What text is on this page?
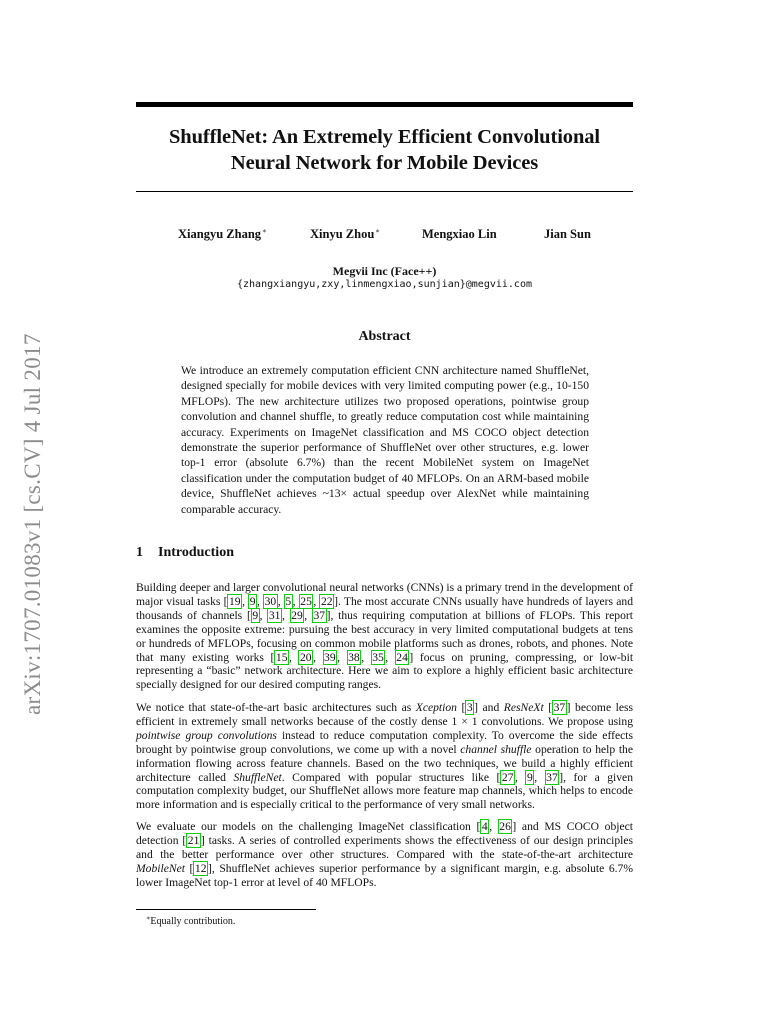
arXiv:1707.01083v1 [cs.CV] 4 Jul 2017
ShuffleNet: An Extremely Efficient Convolutional
Neural Network for Mobile Devices
Xiangyu Zhang∗	Xinyu Zhou∗	Mengxiao Lin	Jian Sun
Megvii Inc (Face++)
{zhangxiangyu,zxy,linmengxiao,sunjian}@megvii.com
Abstract
We introduce an extremely computation efficient CNN architecture named ShuffleNet, designed specially for mobile devices with very limited computing power (e.g., 10-150 MFLOPs). The new architecture utilizes two proposed operations, pointwise group convolution and channel shuffle, to greatly reduce computation cost while maintaining accuracy. Experiments on ImageNet classification and MS COCO object detection demonstrate the superior performance of ShuffleNet over other structures, e.g. lower top-1 error (absolute 6.7%) than the recent MobileNet system on ImageNet classification under the computation budget of 40 MFLOPs. On an ARM-based mobile device, ShuffleNet achieves ~13× actual speedup over AlexNet while maintaining comparable accuracy.
1 Introduction
Building deeper and larger convolutional neural networks (CNNs) is a primary trend in the development of major visual tasks [ 19 , 9 , 30 , 5 , 25 , 22 ]. The most accurate CNNs usually have hundreds of layers and thousands of channels [ 9 , 31 , 29 , 37 ], thus requiring computation at billions of FLOPs. This report examines the opposite extreme: pursuing the best accuracy in very limited computational budgets at tens or hundreds of MFLOPs, focusing on common mobile platforms such as drones, robots, and phones. Note that many existing works [ 15 , 20 , 39 , 38 , 35 , 24 ] focus on pruning, compressing, or low-bit representing a “basic” network architecture. Here we aim to explore a highly efficient basic architecture specially designed for our desired computing ranges.
We notice that state-of-the-art basic architectures such as Xception [ 3 ] and ResNeXt [ 37 ] become less efficient in extremely small networks because of the costly dense 1 × 1 convolutions. We propose using pointwise group convolutions instead to reduce computation complexity. To overcome the side effects brought by pointwise group convolutions, we come up with a novel channel shuffle operation to help the information flowing across feature channels. Based on the two techniques, we build a highly efficient architecture called ShuffleNet. Compared with popular structures like [ 27 , 9 , 37 ], for a given computation complexity budget, our ShuffleNet allows more feature map channels, which helps to encode more information and is especially critical to the performance of very small networks.
We evaluate our models on the challenging ImageNet classification [ 4 , 26 ] and MS COCO object detection [ 21 ] tasks. A series of controlled experiments shows the effectiveness of our design principles and the better performance over other structures. Compared with the state-of-the-art architecture MobileNet [ 12 ], ShuffleNet achieves superior performance by a significant margin, e.g. absolute 6.7% lower ImageNet top-1 error at level of 40 MFLOPs.
∗Equally contribution.
